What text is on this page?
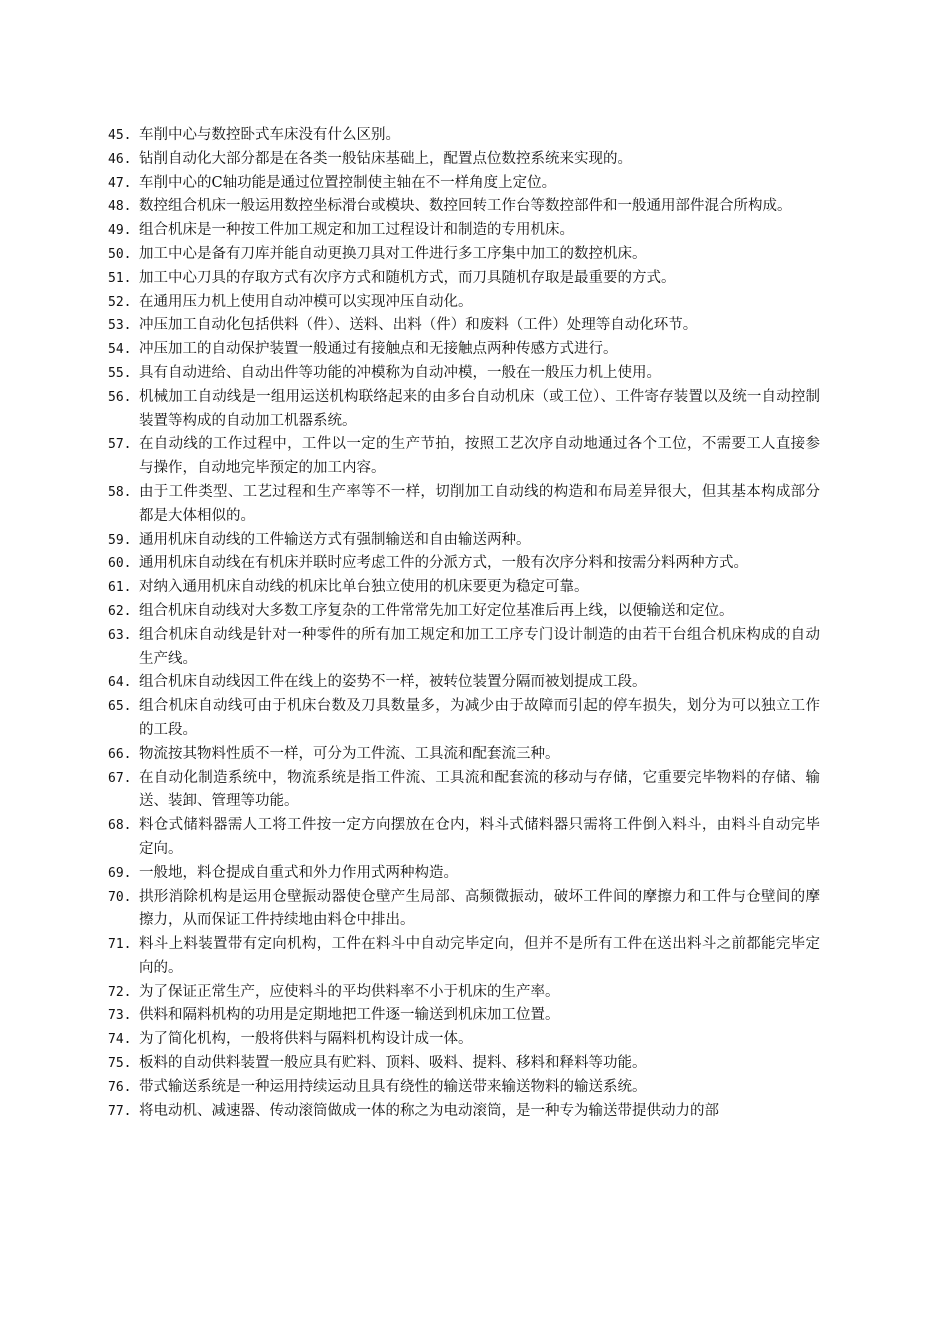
45. 车削中心与数控卧式车床没有什么区别。
46. 钻削自动化大部分都是在各类一般钻床基础上，配置点位数控系统来实现的。
47. 车削中心的C轴功能是通过位置控制使主轴在不一样角度上定位。
48. 数控组合机床一般运用数控坐标滑台或模块、数控回转工作台等数控部件和一般通用部件混合所构成。
49. 组合机床是一种按工件加工规定和加工过程设计和制造的专用机床。
50. 加工中心是备有刀库并能自动更换刀具对工件进行多工序集中加工的数控机床。
51. 加工中心刀具的存取方式有次序方式和随机方式，而刀具随机存取是最重要的方式。
52. 在通用压力机上使用自动冲模可以实现冲压自动化。
53. 冲压加工自动化包括供料（件）、送料、出料（件）和废料（工件）处理等自动化环节。
54. 冲压加工的自动保护装置一般通过有接触点和无接触点两种传感方式进行。
55. 具有自动进给、自动出件等功能的冲模称为自动冲模，一般在一般压力机上使用。
56. 机械加工自动线是一组用运送机构联络起来的由多台自动机床（或工位）、工件寄存装置以及统一自动控制装置等构成的自动加工机器系统。
57. 在自动线的工作过程中，工件以一定的生产节拍，按照工艺次序自动地通过各个工位，不需要工人直接参与操作，自动地完毕预定的加工内容。
58. 由于工件类型、工艺过程和生产率等不一样，切削加工自动线的构造和布局差异很大，但其基本构成部分都是大体相似的。
59. 通用机床自动线的工件输送方式有强制输送和自由输送两种。
60. 通用机床自动线在有机床并联时应考虑工件的分派方式，一般有次序分料和按需分料两种方式。
61. 对纳入通用机床自动线的机床比单台独立使用的机床要更为稳定可靠。
62. 组合机床自动线对大多数工序复杂的工件常常先加工好定位基准后再上线，以便输送和定位。
63. 组合机床自动线是针对一种零件的所有加工规定和加工工序专门设计制造的由若干台组合机床构成的自动生产线。
64. 组合机床自动线因工件在线上的姿势不一样，被转位装置分隔而被划提成工段。
65. 组合机床自动线可由于机床台数及刀具数量多，为减少由于故障而引起的停车损失，划分为可以独立工作的工段。
66. 物流按其物料性质不一样，可分为工件流、工具流和配套流三种。
67. 在自动化制造系统中，物流系统是指工件流、工具流和配套流的移动与存储，它重要完毕物料的存储、输送、装卸、管理等功能。
68. 料仓式储料器需人工将工件按一定方向摆放在仓内，料斗式储料器只需将工件倒入料斗，由料斗自动完毕定向。
69. 一般地，料仓提成自重式和外力作用式两种构造。
70. 拱形消除机构是运用仓壁振动器使仓壁产生局部、高频微振动，破坏工件间的摩擦力和工件与仓壁间的摩擦力，从而保证工件持续地由料仓中排出。
71. 料斗上料装置带有定向机构，工件在料斗中自动完毕定向，但并不是所有工件在送出料斗之前都能完毕定向的。
72. 为了保证正常生产，应使料斗的平均供料率不小于机床的生产率。
73. 供料和隔料机构的功用是定期地把工件逐一输送到机床加工位置。
74. 为了简化机构，一般将供料与隔料机构设计成一体。
75. 板料的自动供料装置一般应具有贮料、顶料、吸料、提料、移料和释料等功能。
76. 带式输送系统是一种运用持续运动且具有绕性的输送带来输送物料的输送系统。
77. 将电动机、减速器、传动滚筒做成一体的称之为电动滚筒，是一种专为输送带提供动力的部
